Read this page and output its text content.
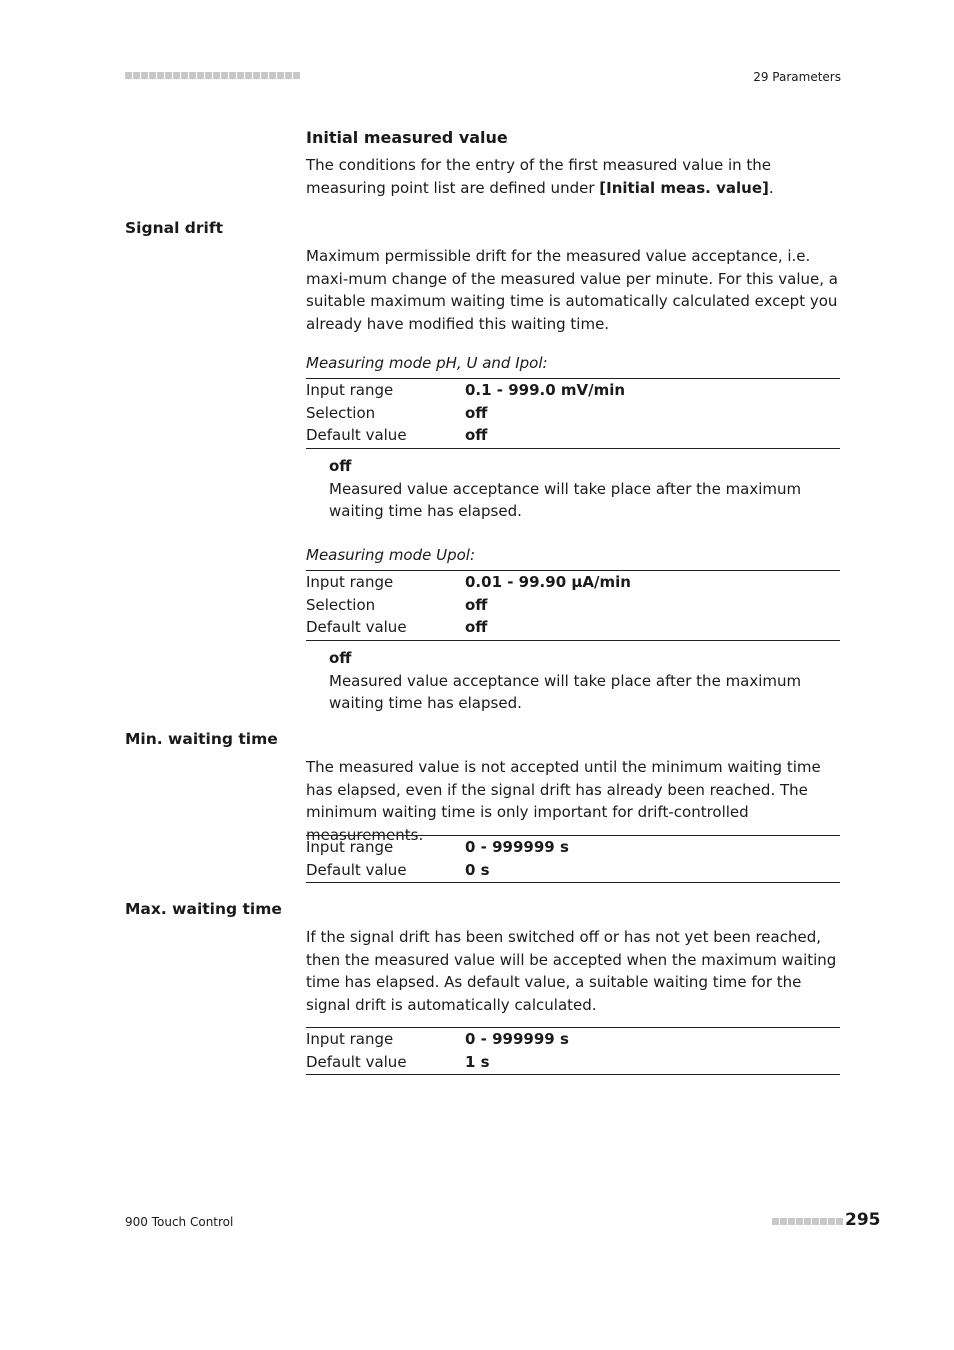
29 Parameters
Initial measured value
The conditions for the entry of the first measured value in the measuring point list are defined under [Initial meas. value].
Signal drift
Maximum permissible drift for the measured value acceptance, i.e. maxi-mum change of the measured value per minute. For this value, a suitable maximum waiting time is automatically calculated except you already have modified this waiting time.
Measuring mode pH, U and Ipol:
Input range	0.1 - 999.0 mV/min
Selection	off
Default value	off
off
Measured value acceptance will take place after the maximum waiting time has elapsed.
Measuring mode Upol:
Input range	0.01 - 99.90 µA/min
Selection	off
Default value	off
off
Measured value acceptance will take place after the maximum waiting time has elapsed.
Min. waiting time
The measured value is not accepted until the minimum waiting time has elapsed, even if the signal drift has already been reached. The minimum waiting time is only important for drift-controlled measurements.
Input range	0 - 999999 s
Default value	0 s
Max. waiting time
If the signal drift has been switched off or has not yet been reached, then the measured value will be accepted when the maximum waiting time has elapsed. As default value, a suitable waiting time for the signal drift is automatically calculated.
Input range	0 - 999999 s
Default value	1 s
900 Touch Control	295
